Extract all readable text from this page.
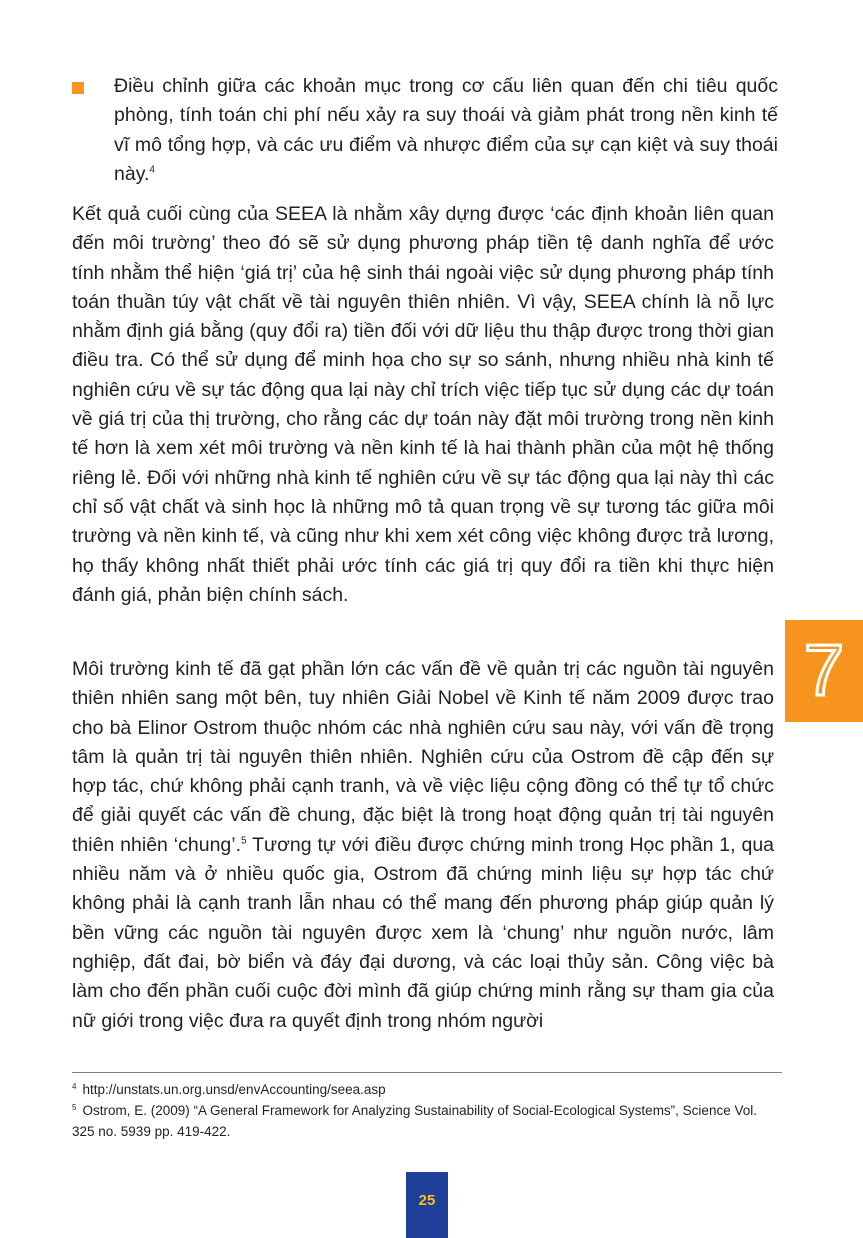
Điều chỉnh giữa các khoản mục trong cơ cấu liên quan đến chi tiêu quốc phòng, tính toán chi phí nếu xảy ra suy thoái và giảm phát trong nền kinh tế vĩ mô tổng hợp, và các ưu điểm và nhược điểm của sự cạn kiệt và suy thoái này.$^4$

Kết quả cuối cùng của SEEA là nhằm xây dựng được ‘các định khoản liên quan đến môi trường’ theo đó sẽ sử dụng phương pháp tiền tệ danh nghĩa để ước tính nhằm thể hiện ‘giá trị’ của hệ sinh thái ngoài việc sử dụng phương pháp tính toán thuần túy vật chất về tài nguyên thiên nhiên. Vì vậy, SEEA chính là nỗ lực nhằm định giá bằng (quy đổi ra) tiền đối với dữ liệu thu thập được trong thời gian điều tra. Có thể sử dụng để minh họa cho sự so sánh, nhưng nhiều nhà kinh tế nghiên cứu về sự tác động qua lại này chỉ trích việc tiếp tục sử dụng các dự toán về giá trị của thị trường, cho rằng các dự toán này đặt môi trường trong nền kinh tế hơn là xem xét môi trường và nền kinh tế là hai thành phần của một hệ thống riêng lẻ. Đối với những nhà kinh tế nghiên cứu về sự tác động qua lại này thì các chỉ số vật chất và sinh học là những mô tả quan trọng về sự tương tác giữa môi trường và nền kinh tế, và cũng như khi xem xét công việc không được trả lương, họ thấy không nhất thiết phải ước tính các giá trị quy đổi ra tiền khi thực hiện đánh giá, phản biện chính sách.

Môi trường kinh tế đã gạt phần lớn các vấn đề về quản trị các nguồn tài nguyên thiên nhiên sang một bên, tuy nhiên Giải Nobel về Kinh tế năm 2009 được trao cho bà Elinor Ostrom thuộc nhóm các nhà nghiên cứu sau này, với vấn đề trọng tâm là quản trị tài nguyên thiên nhiên. Nghiên cứu của Ostrom đề cập đến sự hợp tác, chứ không phải cạnh tranh, và về việc liệu cộng đồng có thể tự tổ chức để giải quyết các vấn đề chung, đặc biệt là trong hoạt động quản trị tài nguyên thiên nhiên ‘chung’.$^5$ Tương tự với điều được chứng minh trong Học phần 1, qua nhiều năm và ở nhiều quốc gia, Ostrom đã chứng minh liệu sự hợp tác chứ không phải là cạnh tranh lẫn nhau có thể mang đến phương pháp giúp quản lý bền vững các nguồn tài nguyên được xem là ‘chung’ như nguồn nước, lâm nghiệp, đất đai, bờ biển và đáy đại dương, và các loại thủy sản. Công việc bà làm cho đến phần cuối cuộc đời mình đã giúp chứng minh rằng sự tham gia của nữ giới trong việc đưa ra quyết định trong nhóm người

$^4$ http://unstats.un.org.unsd/envAccounting/seea.asp
$^5$ Ostrom, E. (2009) “A General Framework for Analyzing Sustainability of Social-Ecological Systems”, Science Vol. 325 no. 5939 pp. 419-422.
7
25
